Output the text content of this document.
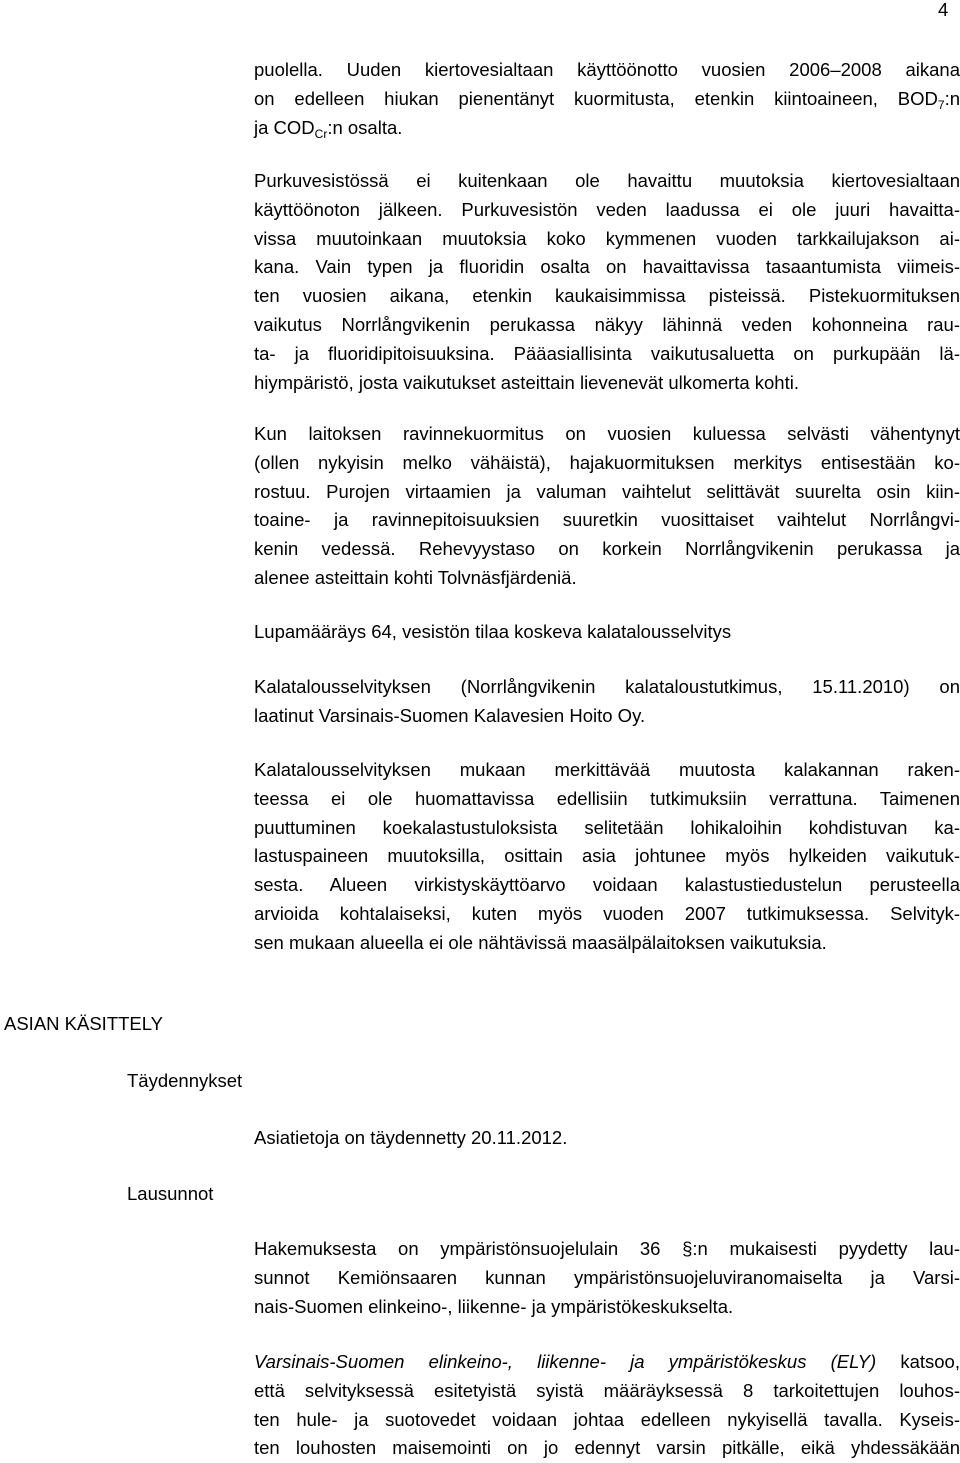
4
puolella. Uuden kiertovesialtaan käyttöönotto vuosien 2006–2008 aikana
on edelleen hiukan pienentänyt kuormitusta, etenkin kiintoaineen, $BOD_7:n$
ja $COD_{Cr}:n$ osalta.
Purkuvesistössä ei kuitenkaan ole havaittu muutoksia kiertovesialtaan
käyttöönoton jälkeen. Purkuvesistön veden laadussa ei ole juuri havaitta-
vissa muutoinkaan muutoksia koko kymmenen vuoden tarkkailujakson ai-
kana. Vain typen ja fluoridin osalta on havaittavissa tasaantumista viimeis-
ten vuosien aikana, etenkin kaukaisimmissa pisteissä. Pistekuormituksen
vaikutus Norrlångvikenin perukassa näkyy lähinnä veden kohonneina rau-
ta- ja fluoridipitoisuuksina. Pääasiallisinta vaikutusaluetta on purkupään lä-
hiympäristö, josta vaikutukset asteittain lievenevät ulkomerta kohti.
Kun laitoksen ravinnekuormitus on vuosien kuluessa selvästi vähentynyt
(ollen nykyisin melko vähäistä), hajakuormituksen merkitys entisestään ko-
rostuu. Purojen virtaamien ja valuman vaihtelut selittävät suurelta osin kiin-
toaine- ja ravinnepitoisuuksien suuretkin vuosittaiset vaihtelut Norrlångvi-
kenin vedessä. Rehevyystaso on korkein Norrlångvikenin perukassa ja
alenee asteittain kohti Tolvnäsfjärdeniä.
Lupamääräys 64, vesistön tilaa koskeva kalatalousselvitys
Kalatalousselvityksen (Norrlångvikenin kalataloustutkimus, 15.11.2010) on
laatinut Varsinais-Suomen Kalavesien Hoito Oy.
Kalatalousselvityksen mukaan merkittävää muutosta kalakannan raken-
teessa ei ole huomattavissa edellisiin tutkimuksiin verrattuna. Taimenen
puuttuminen koekalastustuloksista selitetään lohikaloihin kohdistuvan ka-
lastuspaineen muutoksilla, osittain asia johtunee myös hylkeiden vaikutuk-
sesta. Alueen virkistyskäyttöarvo voidaan kalastustiedustelun perusteella
arvioida kohtalaiseksi, kuten myös vuoden 2007 tutkimuksessa. Selvityk-
sen mukaan alueella ei ole nähtävissä maasälpälaitoksen vaikutuksia.
ASIAN KÄSITTELY
Täydennykset
Asiatietoja on täydennetty 20.11.2012.
Lausunnot
Hakemuksesta on ympäristönsuojelulain 36 §:n mukaisesti pyydetty lau-
sunnot Kemiönsaaren kunnan ympäristönsuojeluviranomaiselta ja Varsi-
nais-Suomen elinkeino-, liikenne- ja ympäristökeskukselta.
Varsinais-Suomen elinkeino-, liikenne- ja ympäristökeskus (ELY) katsoo,
että selvityksessä esitetyistä syistä määräyksessä 8 tarkoitettujen louhos-
ten hule- ja suotovedet voidaan johtaa edelleen nykyisellä tavalla. Kyseis-
ten louhosten maisemointi on jo edennyt varsin pitkälle, eikä yhdessäkään
